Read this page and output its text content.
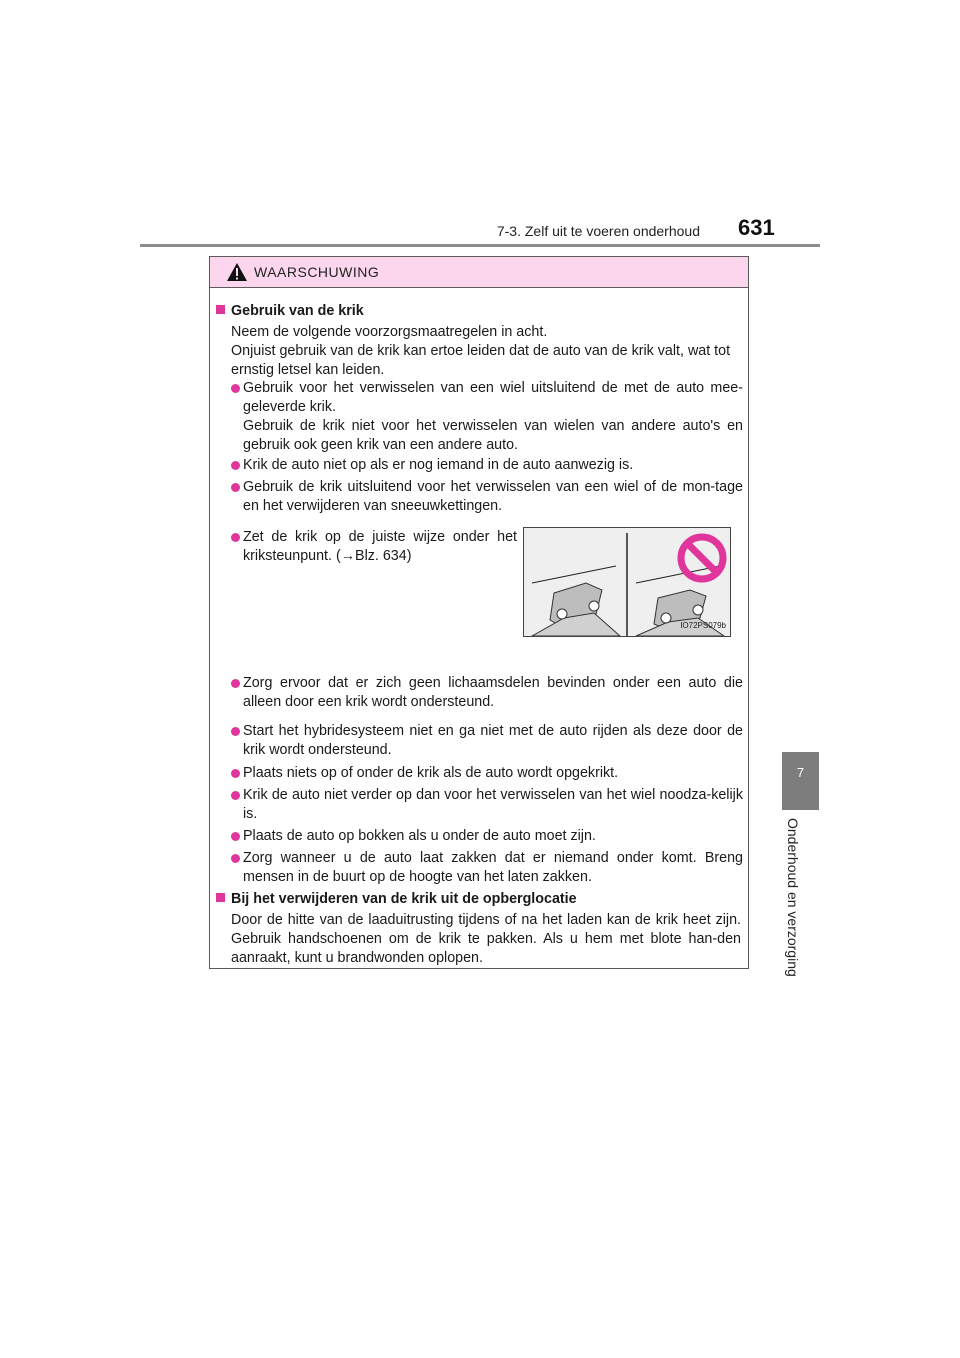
7-3. Zelf uit te voeren onderhoud 631
7
Onderhoud en verzorging
WAARSCHUWING
Gebruik van de krik
Neem de volgende voorzorgsmaatregelen in acht.
Onjuist gebruik van de krik kan ertoe leiden dat de auto van de krik valt, wat tot ernstig letsel kan leiden.
Gebruik voor het verwisselen van een wiel uitsluitend de met de auto mee-geleverde krik.
Gebruik de krik niet voor het verwisselen van wielen van andere auto's en gebruik ook geen krik van een andere auto.
Krik de auto niet op als er nog iemand in de auto aanwezig is.
Gebruik de krik uitsluitend voor het verwisselen van een wiel of de mon-tage en het verwijderen van sneeuwkettingen.
Zet de krik op de juiste wijze onder het kriksteunpunt. (→Blz. 634)
IO72PS079b
Zorg ervoor dat er zich geen lichaamsdelen bevinden onder een auto die alleen door een krik wordt ondersteund.
Start het hybridesysteem niet en ga niet met de auto rijden als deze door de krik wordt ondersteund.
Plaats niets op of onder de krik als de auto wordt opgekrikt.
Krik de auto niet verder op dan voor het verwisselen van het wiel noodza-kelijk is.
Plaats de auto op bokken als u onder de auto moet zijn.
Zorg wanneer u de auto laat zakken dat er niemand onder komt. Breng mensen in de buurt op de hoogte van het laten zakken.
Bij het verwijderen van de krik uit de opberglocatie
Door de hitte van de laaduitrusting tijdens of na het laden kan de krik heet zijn. Gebruik handschoenen om de krik te pakken. Als u hem met blote han-den aanraakt, kunt u brandwonden oplopen.
